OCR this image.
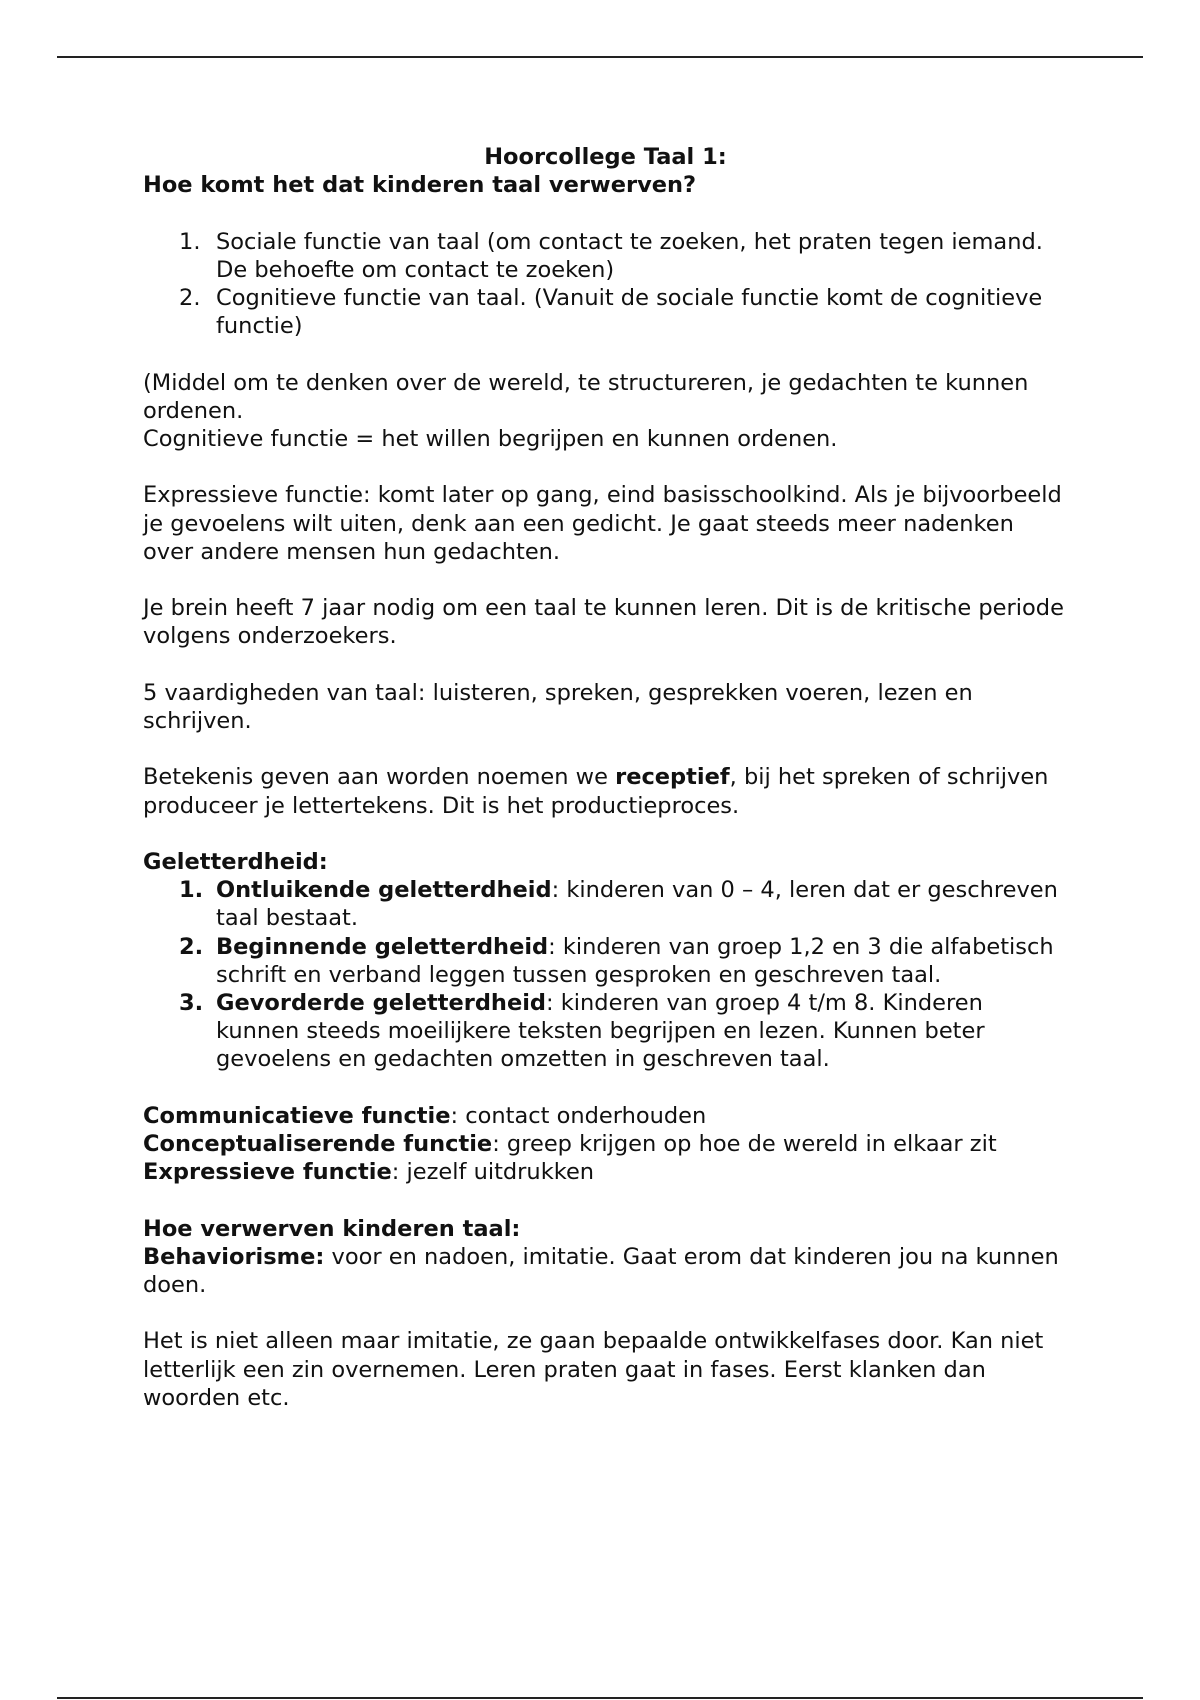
Hoorcollege Taal 1:

Hoe komt het dat kinderen taal verwerven?

1. Sociale functie van taal (om contact te zoeken, het praten tegen iemand. De behoefte om contact te zoeken)
2. Cognitieve functie van taal. (Vanuit de sociale functie komt de cognitieve functie)

(Middel om te denken over de wereld, te structureren, je gedachten te kunnen ordenen.

Cognitieve functie = het willen begrijpen en kunnen ordenen.

Expressieve functie: komt later op gang, eind basisschoolkind. Als je bijvoorbeeld je gevoelens wilt uiten, denk aan een gedicht. Je gaat steeds meer nadenken over andere mensen hun gedachten.

Je brein heeft 7 jaar nodig om een taal te kunnen leren. Dit is de kritische periode volgens onderzoekers.

5 vaardigheden van taal: luisteren, spreken, gesprekken voeren, lezen en schrijven.

Betekenis geven aan worden noemen we receptief, bij het spreken of schrijven produceer je lettertekens. Dit is het productieproces.

Geletterdheid:

1. Ontluikende geletterdheid: kinderen van 0 – 4, leren dat er geschreven taal bestaat.
2. Beginnende geletterdheid: kinderen van groep 1,2 en 3 die alfabetisch schrift en verband leggen tussen gesproken en geschreven taal.
3. Gevorderde geletterdheid: kinderen van groep 4 t/m 8. Kinderen kunnen steeds moeilijkere teksten begrijpen en lezen. Kunnen beter gevoelens en gedachten omzetten in geschreven taal.

Communicatieve functie: contact onderhouden

Conceptualiserende functie: greep krijgen op hoe de wereld in elkaar zit

Expressieve functie: jezelf uitdrukken

Hoe verwerven kinderen taal:

Behaviorisme: voor en nadoen, imitatie. Gaat erom dat kinderen jou na kunnen doen.

Het is niet alleen maar imitatie, ze gaan bepaalde ontwikkelfases door. Kan niet letterlijk een zin overnemen. Leren praten gaat in fases. Eerst klanken dan woorden etc.
